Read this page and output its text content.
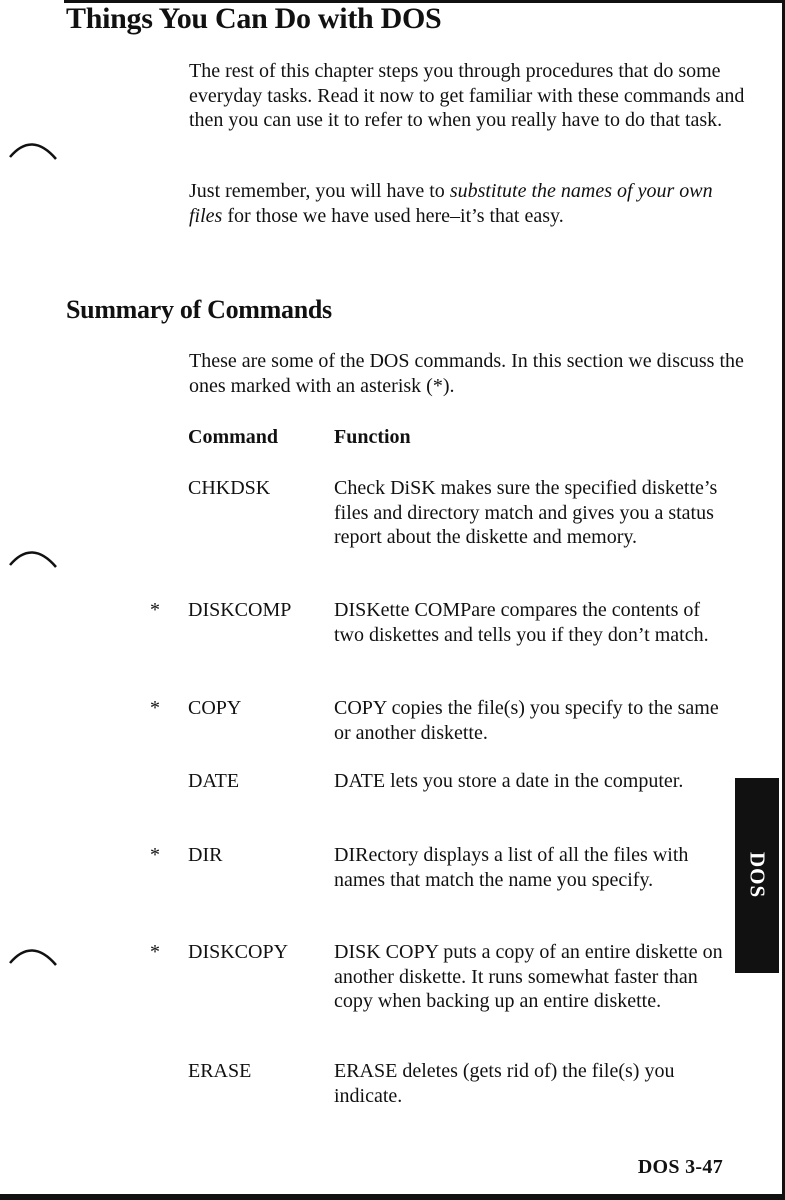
Things You Can Do with DOS

The rest of this chapter steps you through procedures that do some everyday tasks. Read it now to get familiar with these commands and then you can use it to refer to when you really have to do that task.

Just remember, you will have to substitute the names of your own files for those we have used here–it’s that easy.

Summary of Commands

These are some of the DOS commands. In this section we discuss the ones marked with an asterisk (*).

Command	Function
CHKDSK	Check DiSK makes sure the specified diskette’s files and directory match and gives you a status report about the diskette and memory.
*	DISKCOMP	DISKette COMPare compares the contents of two diskettes and tells you if they don’t match.
*	COPY	COPY copies the file(s) you specify to the same or another diskette.
DATE	DATE lets you store a date in the computer.
*	DIR	DIRectory displays a list of all the files with names that match the name you specify.
*	DISKCOPY	DISK COPY puts a copy of an entire diskette on another diskette. It runs somewhat faster than copy when backing up an entire diskette.
ERASE	ERASE deletes (gets rid of) the file(s) you indicate.
DOS
DOS 3-47
